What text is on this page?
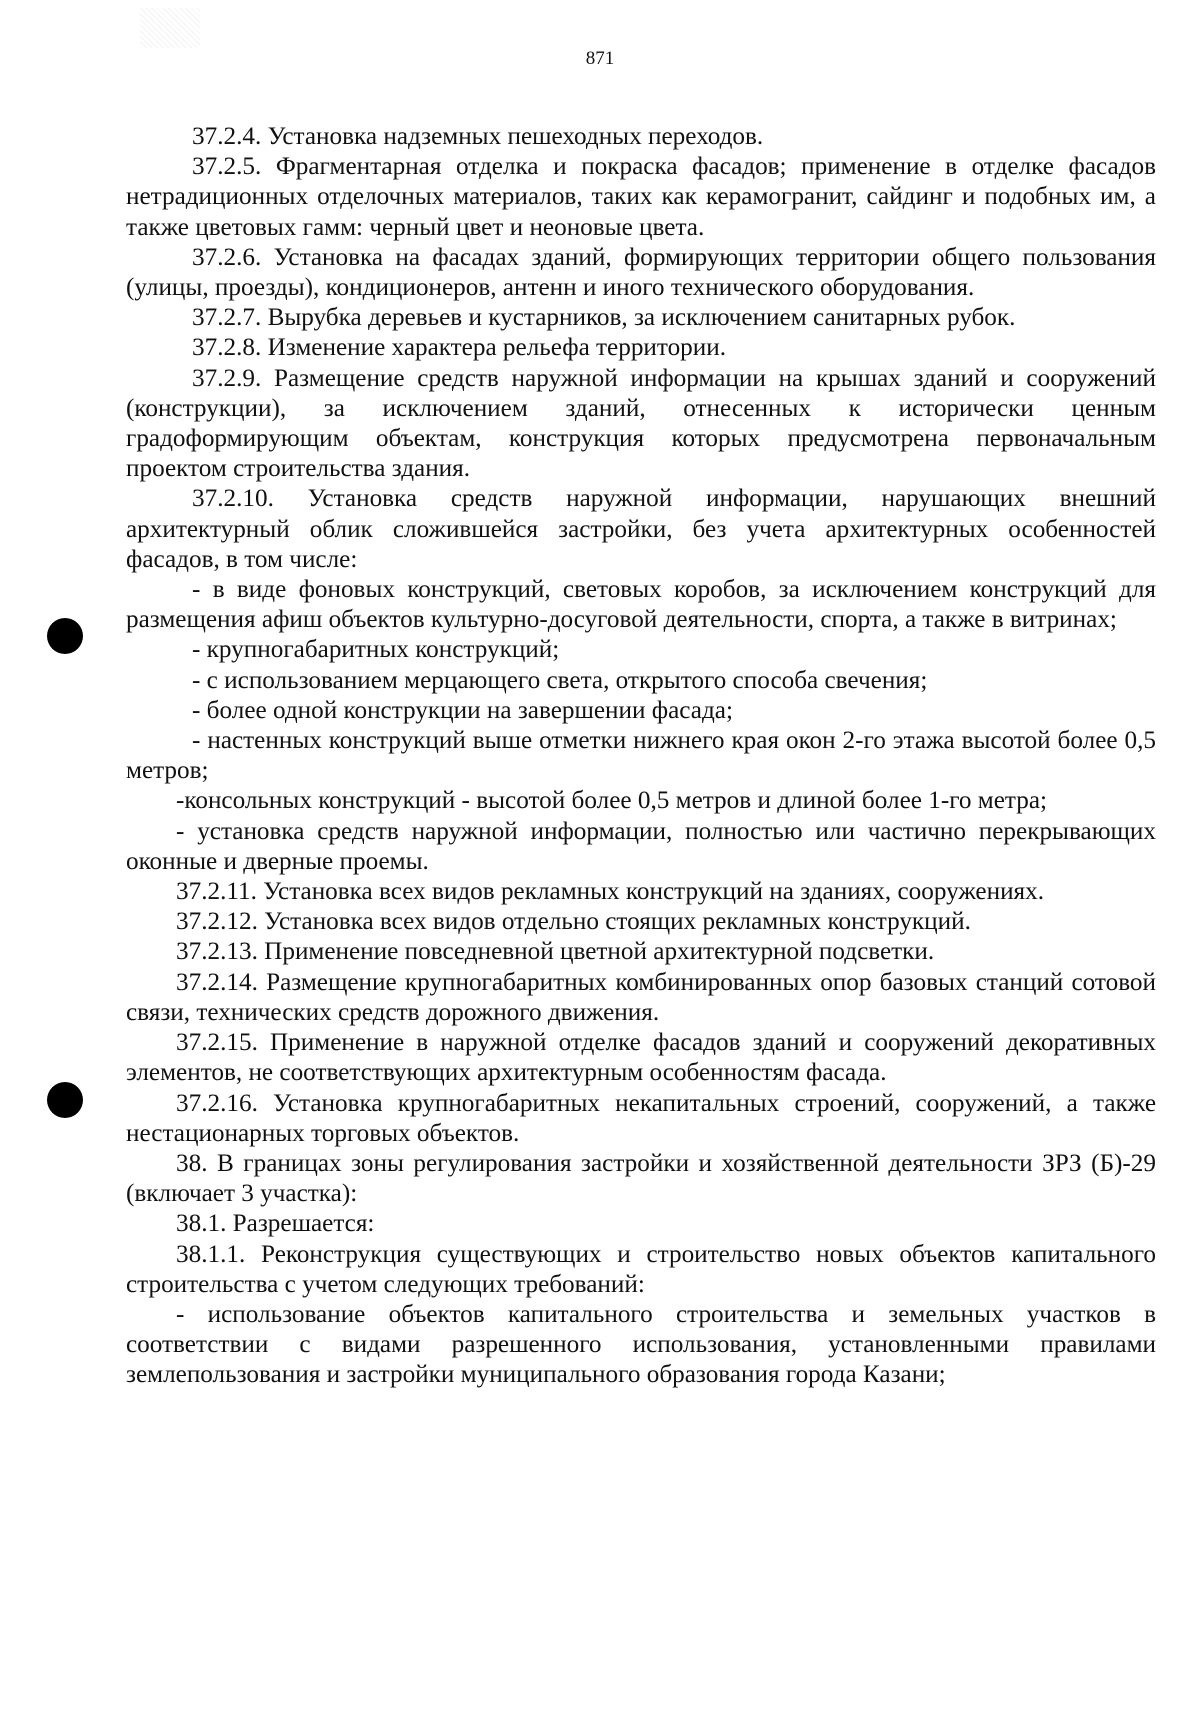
871

37.2.4. Установка надземных пешеходных переходов.

37.2.5. Фрагментарная отделка и покраска фасадов; применение в отделке фасадов нетрадиционных отделочных материалов, таких как керамогранит, сайдинг и подобных им, а также цветовых гамм: черный цвет и неоновые цвета.

37.2.6. Установка на фасадах зданий, формирующих территории общего пользования (улицы, проезды), кондиционеров, антенн и иного технического оборудования.

37.2.7. Вырубка деревьев и кустарников, за исключением санитарных рубок.

37.2.8. Изменение характера рельефа территории.

37.2.9. Размещение средств наружной информации на крышах зданий и сооружений (конструкции), за исключением зданий, отнесенных к исторически ценным градоформирующим объектам, конструкция которых предусмотрена первоначальным проектом строительства здания.

37.2.10. Установка средств наружной информации, нарушающих внешний архитектурный облик сложившейся застройки, без учета архитектурных особенностей фасадов, в том числе:

- в виде фоновых конструкций, световых коробов, за исключением конструкций для размещения афиш объектов культурно-досуговой деятельности, спорта, а также в витринах;

- крупногабаритных конструкций;

- с использованием мерцающего света, открытого способа свечения;

- более одной конструкции на завершении фасада;

- настенных конструкций выше отметки нижнего края окон 2-го этажа высотой более 0,5 метров;

-консольных конструкций - высотой более 0,5 метров и длиной более 1-го метра;

- установка средств наружной информации, полностью или частично перекрывающих оконные и дверные проемы.

37.2.11. Установка всех видов рекламных конструкций на зданиях, сооружениях.

37.2.12. Установка всех видов отдельно стоящих рекламных конструкций.

37.2.13. Применение повседневной цветной архитектурной подсветки.

37.2.14. Размещение крупногабаритных комбинированных опор базовых станций сотовой связи, технических средств дорожного движения.

37.2.15. Применение в наружной отделке фасадов зданий и сооружений декоративных элементов, не соответствующих архитектурным особенностям фасада.

37.2.16. Установка крупногабаритных некапитальных строений, сооружений, а также нестационарных торговых объектов.

38. В границах зоны регулирования застройки и хозяйственной деятельности ЗРЗ (Б)-29 (включает 3 участка):

38.1. Разрешается:

38.1.1. Реконструкция существующих и строительство новых объектов капитального строительства с учетом следующих требований:

- использование объектов капитального строительства и земельных участков в соответствии с видами разрешенного использования, установленными правилами землепользования и застройки муниципального образования города Казани;
